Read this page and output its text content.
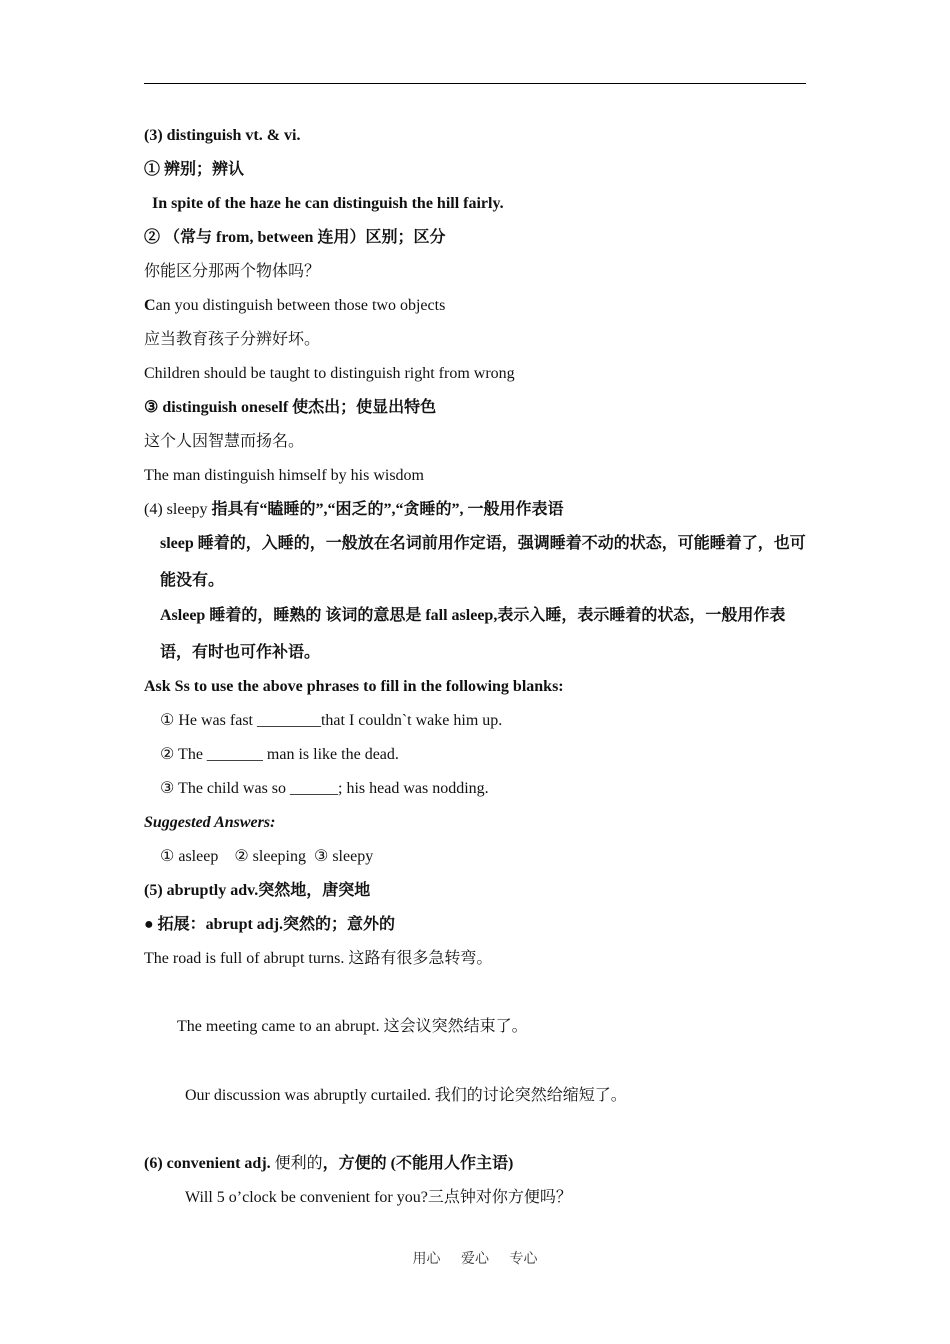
(3) distinguish vt. & vi.
① 辨别；辨认
In spite of the haze he can distinguish the hill fairly.
② （常与 from, between 连用）区别；区分
你能区分那两个物体吗？
Can you distinguish between those two objects
应当教育孩子分辨好坏。
Children should be taught to distinguish right from wrong
③ distinguish oneself 使杰出；使显出特色
这个人因智慧而扬名。
The man distinguish himself by his wisdom
(4) sleepy 指具有“瞌睡的”,“困乏的”,“贪睡的”, 一般用作表语
sleep 睡着的，入睡的，一般放在名词前用作定语，强调睡着不动的状态，可能睡着了，也可能没有。
Asleep 睡着的，睡熟的 该词的意思是 fall asleep,表示入睡，表示睡着的状态，一般用作表语，有时也可作补语。
Ask Ss to use the above phrases to fill in the following blanks:
① He was fast ________that I couldn`t wake him up.
② The _______ man is like the dead.
③ The child was so ______; his head was nodding.
Suggested Answers:
① asleep    ② sleeping  ③ sleepy
(5) abruptly adv.突然地，唐突地
● 拓展：abrupt adj.突然的；意外的
The road is full of abrupt turns. 这路有很多急转弯。
The meeting came to an abrupt. 这会议突然结束了。
Our discussion was abruptly curtailed. 我们的讨论突然给缩短了。
(6) convenient adj. 便利的，方便的 (不能用人作主语)
Will 5 o’clock be convenient for you?三点钟对你方便吗？
用心 爱心 专心
